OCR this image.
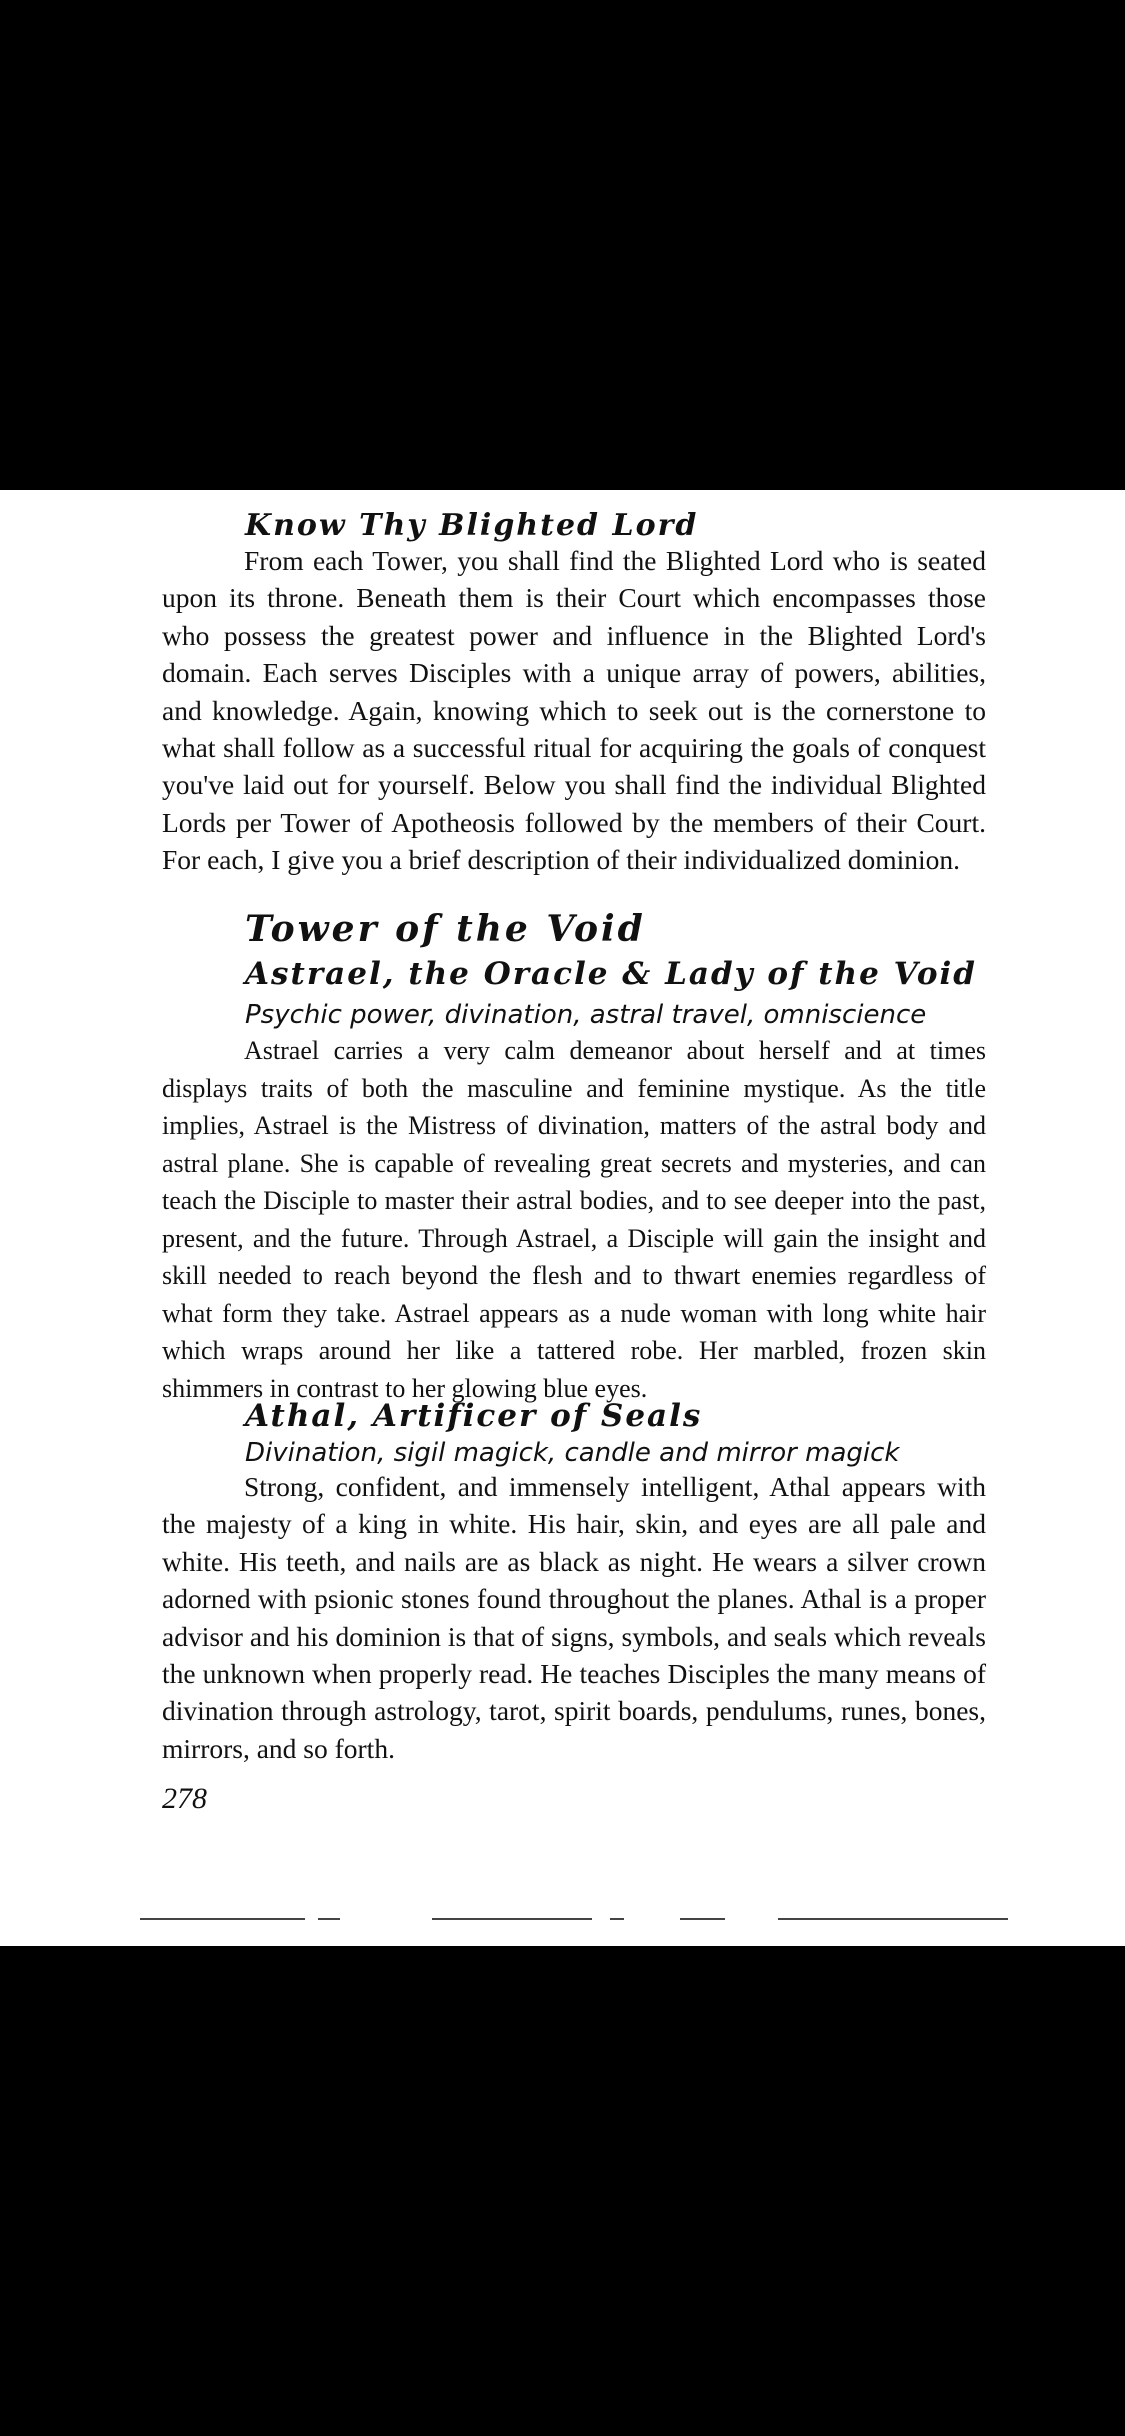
Know Thy Blighted Lord

From each Tower, you shall find the Blighted Lord who is seated upon its throne. Beneath them is their Court which encompasses those who possess the greatest power and influence in the Blighted Lord's domain. Each serves Disciples with a unique array of powers, abilities, and knowledge. Again, knowing which to seek out is the cornerstone to what shall follow as a successful ritual for acquiring the goals of conquest you've laid out for yourself. Below you shall find the individual Blighted Lords per Tower of Apotheosis followed by the members of their Court. For each, I give you a brief description of their individualized dominion.

Tower of the Void
Astrael, the Oracle & Lady of the Void
Psychic power, divination, astral travel, omniscience

Astrael carries a very calm demeanor about herself and at times displays traits of both the masculine and feminine mystique. As the title implies, Astrael is the Mistress of divination, matters of the astral body and astral plane. She is capable of revealing great secrets and mysteries, and can teach the Disciple to master their astral bodies, and to see deeper into the past, present, and the future. Through Astrael, a Disciple will gain the insight and skill needed to reach beyond the flesh and to thwart enemies regardless of what form they take. Astrael appears as a nude woman with long white hair which wraps around her like a tattered robe. Her marbled, frozen skin shimmers in contrast to her glowing blue eyes.

Athal, Artificer of Seals
Divination, sigil magick, candle and mirror magick

Strong, confident, and immensely intelligent, Athal appears with the majesty of a king in white. His hair, skin, and eyes are all pale and white. His teeth, and nails are as black as night. He wears a silver crown adorned with psionic stones found throughout the planes. Athal is a proper advisor and his dominion is that of signs, symbols, and seals which reveals the unknown when properly read. He teaches Disciples the many means of divination through astrology, tarot, spirit boards, pendulums, runes, bones, mirrors, and so forth.

278
